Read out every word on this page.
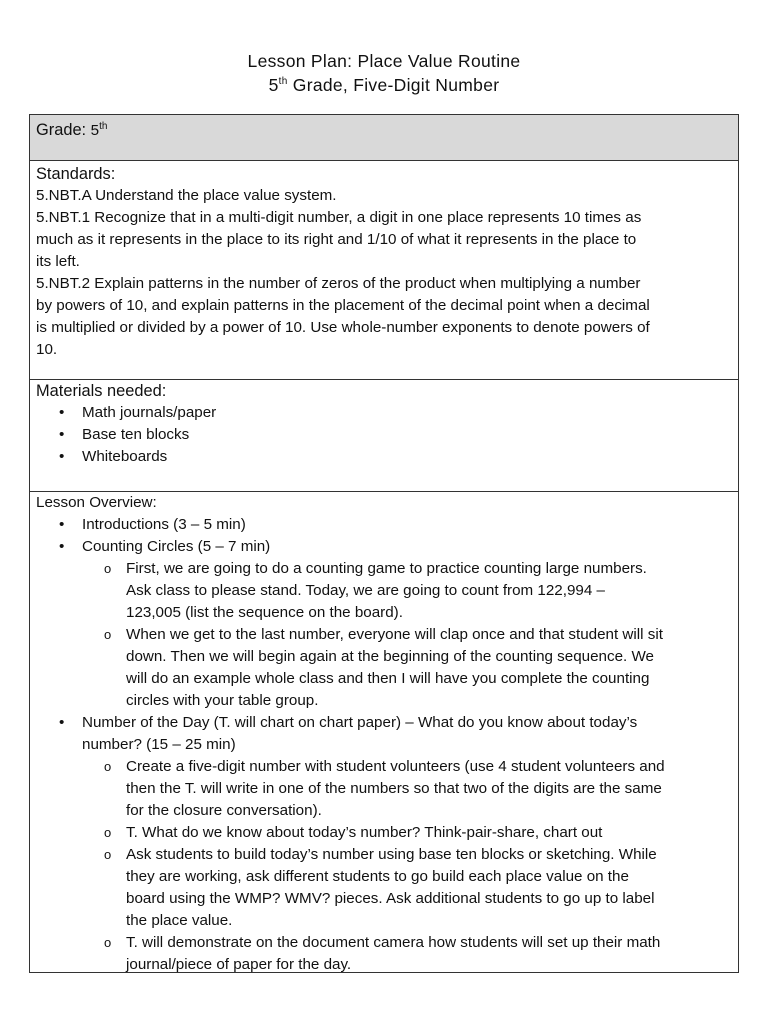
Lesson Plan: Place Value Routine
5th Grade, Five-Digit Number
Grade: 5th
Standards:
5.NBT.A Understand the place value system.
5.NBT.1 Recognize that in a multi-digit number, a digit in one place represents 10 times as
much as it represents in the place to its right and 1/10 of what it represents in the place to
its left.
5.NBT.2 Explain patterns in the number of zeros of the product when multiplying a number
by powers of 10, and explain patterns in the placement of the decimal point when a decimal
is multiplied or divided by a power of 10. Use whole-number exponents to denote powers of
10.
Materials needed:
• Math journals/paper
• Base ten blocks
• Whiteboards
Lesson Overview:
• Introductions (3 – 5 min)
• Counting Circles (5 – 7 min)
o First, we are going to do a counting game to practice counting large numbers.
Ask class to please stand. Today, we are going to count from 122,994 –
123,005 (list the sequence on the board).
o When we get to the last number, everyone will clap once and that student will sit
down. Then we will begin again at the beginning of the counting sequence. We
will do an example whole class and then I will have you complete the counting
circles with your table group.
• Number of the Day (T. will chart on chart paper) – What do you know about today’s
number? (15 – 25 min)
o Create a five-digit number with student volunteers (use 4 student volunteers and
then the T. will write in one of the numbers so that two of the digits are the same
for the closure conversation).
o T. What do we know about today’s number? Think-pair-share, chart out
o Ask students to build today’s number using base ten blocks or sketching. While
they are working, ask different students to go build each place value on the
board using the WMP? WMV? pieces. Ask additional students to go up to label
the place value.
o T. will demonstrate on the document camera how students will set up their math
journal/piece of paper for the day.
